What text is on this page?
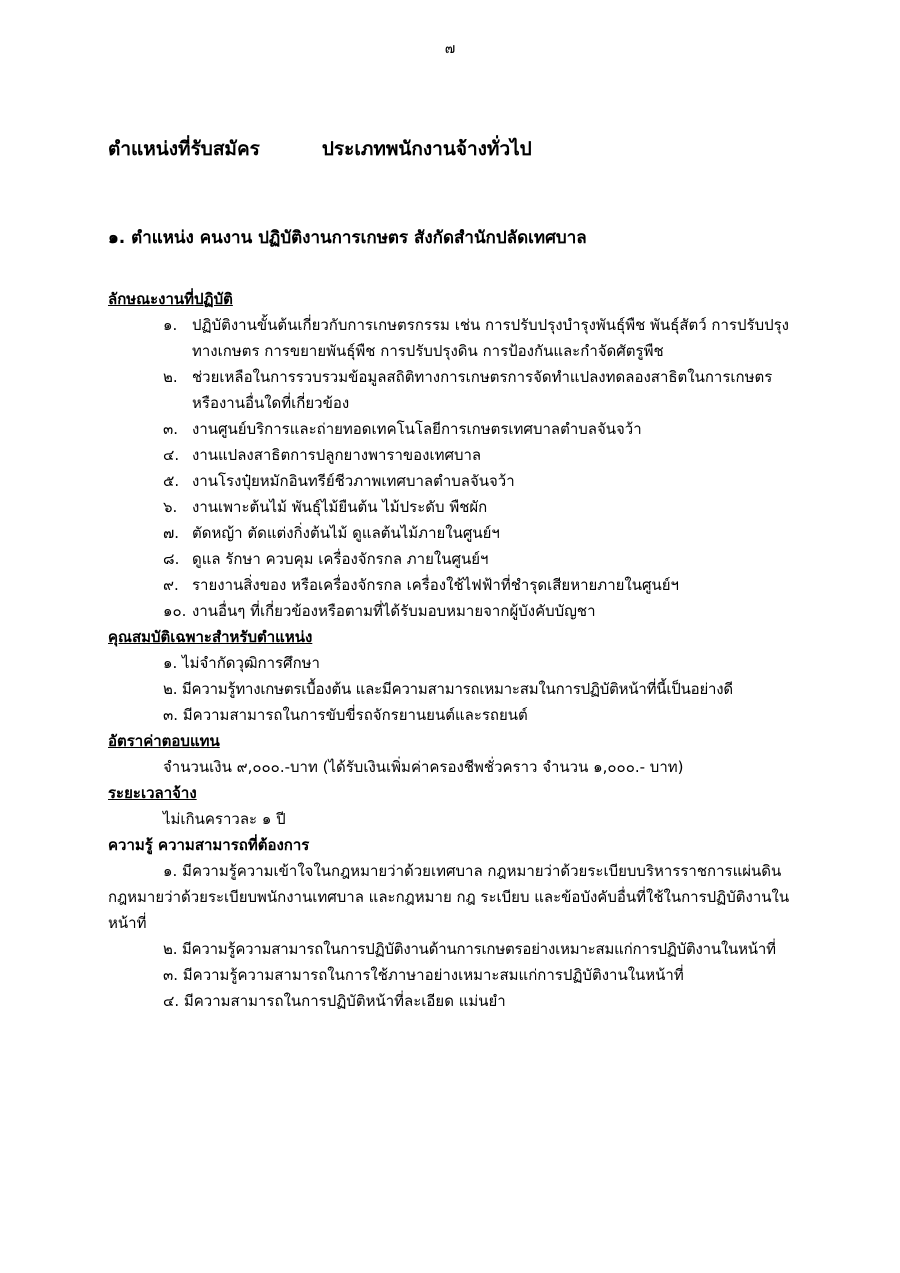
๗
ตำแหน่งที่รับสมัคร	ประเภทพนักงานจ้างทั่วไป
๑. ตำแหน่ง คนงาน ปฏิบัติงานการเกษตร สังกัดสำนักปลัดเทศบาล
ลักษณะงานที่ปฏิบัติ
๑. ปฏิบัติงานขั้นต้นเกี่ยวกับการเกษตรกรรม เช่น การปรับปรุงบำรุงพันธุ์พืช พันธุ์สัตว์ การปรับปรุงทางเกษตร การขยายพันธุ์พืช การปรับปรุงดิน การป้องกันและกำจัดศัตรูพืช
๒. ช่วยเหลือในการรวบรวมข้อมูลสถิติทางการเกษตรการจัดทำแปลงทดลองสาธิตในการเกษตร หรืองานอื่นใดที่เกี่ยวข้อง
๓. งานศูนย์บริการและถ่ายทอดเทคโนโลยีการเกษตรเทศบาลตำบลจันจว้า
๔. งานแปลงสาธิตการปลูกยางพาราของเทศบาล
๕. งานโรงปุ๋ยหมักอินทรีย์ชีวภาพเทศบาลตำบลจันจว้า
๖. งานเพาะต้นไม้ พันธุ์ไม้ยืนต้น ไม้ประดับ พืชผัก
๗. ตัดหญ้า ตัดแต่งกิ่งต้นไม้ ดูแลต้นไม้ภายในศูนย์ฯ
๘. ดูแล รักษา ควบคุม เครื่องจักรกล ภายในศูนย์ฯ
๙. รายงานสิ่งของ หรือเครื่องจักรกล เครื่องใช้ไฟฟ้าที่ชำรุดเสียหายภายในศูนย์ฯ
๑๐. งานอื่นๆ ที่เกี่ยวข้องหรือตามที่ได้รับมอบหมายจากผู้บังคับบัญชา
คุณสมบัติเฉพาะสำหรับตำแหน่ง
๑. ไม่จำกัดวุฒิการศึกษา
๒. มีความรู้ทางเกษตรเบื้องต้น และมีความสามารถเหมาะสมในการปฏิบัติหน้าที่นี้เป็นอย่างดี
๓. มีความสามารถในการขับขี่รถจักรยานยนต์และรถยนต์
อัตราค่าตอบแทน
จำนวนเงิน ๙,๐๐๐.-บาท (ได้รับเงินเพิ่มค่าครองชีพชั่วคราว จำนวน ๑,๐๐๐.- บาท)
ระยะเวลาจ้าง
ไม่เกินคราวละ ๑ ปี
ความรู้ ความสามารถที่ต้องการ
๑. มีความรู้ความเข้าใจในกฎหมายว่าด้วยเทศบาล กฎหมายว่าด้วยระเบียบบริหารราชการแผ่นดิน กฎหมายว่าด้วยระเบียบพนักงานเทศบาล และกฎหมาย กฎ ระเบียบ และข้อบังคับอื่นที่ใช้ในการปฏิบัติงานในหน้าที่
๒. มีความรู้ความสามารถในการปฏิบัติงานด้านการเกษตรอย่างเหมาะสมแก่การปฏิบัติงานในหน้าที่
๓. มีความรู้ความสามารถในการใช้ภาษาอย่างเหมาะสมแก่การปฏิบัติงานในหน้าที่
๔. มีความสามารถในการปฏิบัติหน้าที่ละเอียด แม่นยำ
